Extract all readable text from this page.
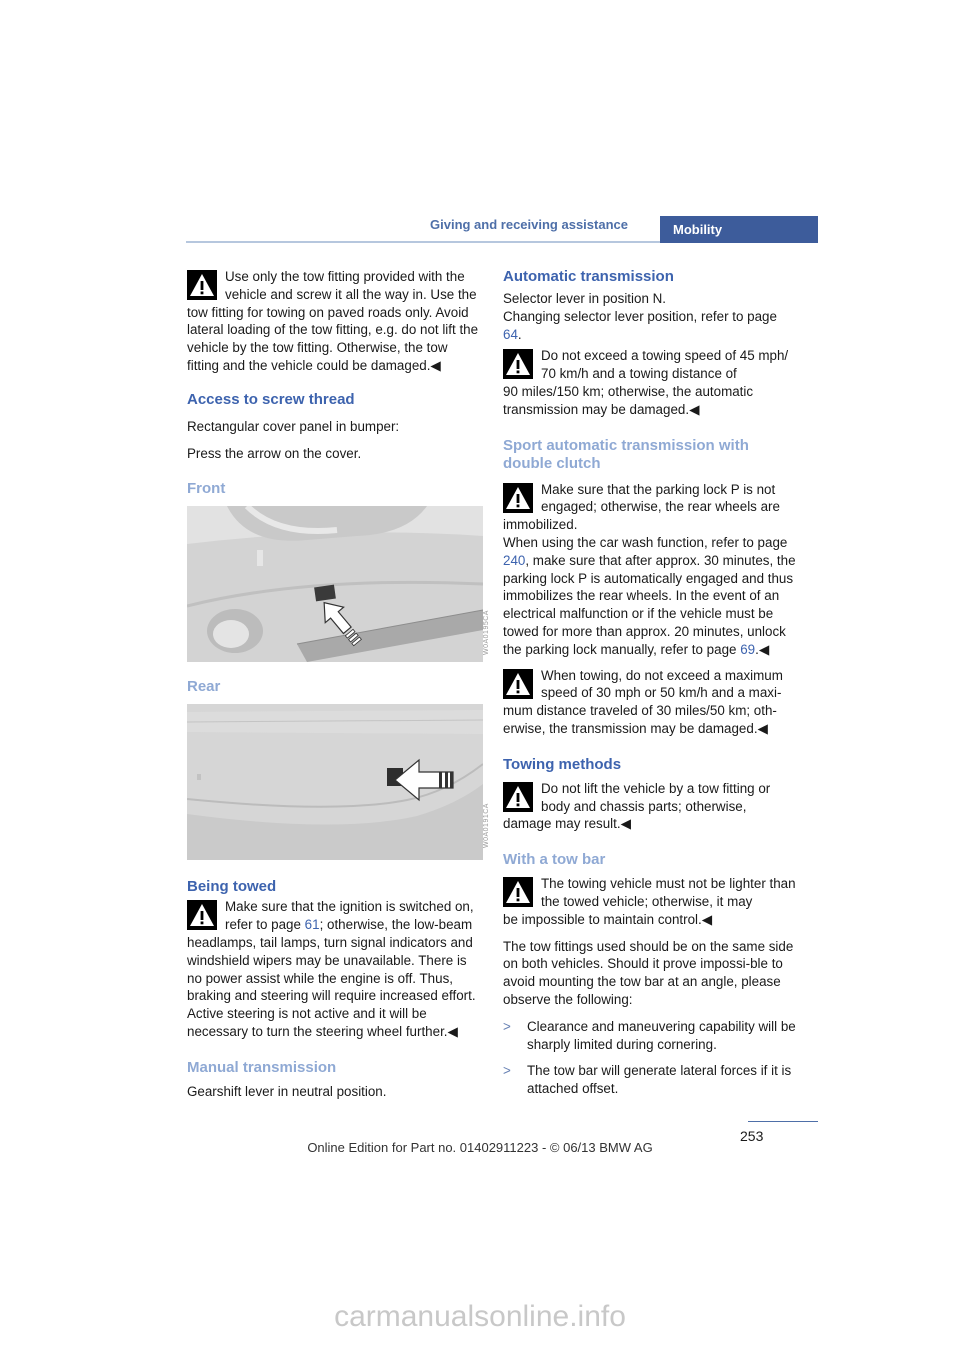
Giving and receiving assistance	Mobility
Use only the tow fitting provided with the vehicle and screw it all the way in. Use the
tow fitting for towing on paved roads only. Avoid lateral loading of the tow fitting, e.g. do not lift the vehicle by the tow fitting. Otherwise, the tow fitting and the vehicle could be damaged.◀
Access to screw thread

Rectangular cover panel in bumper:

Press the arrow on the cover.

Front
Rear
Being towed
Make sure that the ignition is switched on, refer to page 61; otherwise, the low-beam
headlamps, tail lamps, turn signal indicators and windshield wipers may be unavailable. There is no power assist while the engine is off. Thus, braking and steering will require increased effort. Active steering is not active and it will be necessary to turn the steering wheel further.◀
Manual transmission

Gearshift lever in neutral position.

Automatic transmission

Selector lever in position N.

Changing selector lever position, refer to page 64.

Do not exceed a towing speed of 45 mph/ 70 km/h and a towing distance of
90 miles/150 km; otherwise, the automatic transmission may be damaged.◀
Sport automatic transmission with double clutch
Make sure that the parking lock P is not engaged; otherwise, the rear wheels are
immobilized.
When using the car wash function, refer to page 240, make sure that after approx. 30 minutes, the parking lock P is automatically engaged and thus immobilizes the rear wheels. In the event of an electrical malfunction or if the vehicle must be towed for more than approx. 20 minutes, unlock the parking lock manually, refer to page 69.◀
When towing, do not exceed a maximum speed of 30 mph or 50 km/h and a maxi-
mum distance traveled of 30 miles/50 km; oth-erwise, the transmission may be damaged.◀
Towing methods
Do not lift the vehicle by a tow fitting or body and chassis parts; otherwise,
damage may result.◀
With a tow bar
The towing vehicle must not be lighter than the towed vehicle; otherwise, it may
be impossible to maintain control.◀

The tow fittings used should be on the same side on both vehicles. Should it prove impossi-ble to avoid mounting the tow bar at an angle, please observe the following:

> Clearance and maneuvering capability will be sharply limited during cornering.
> The tow bar will generate lateral forces if it is attached offset.
W0A0195CA
W0A0191CA
253
Online Edition for Part no. 01402911223 - © 06/13 BMW AG
carmanualsonline.info
